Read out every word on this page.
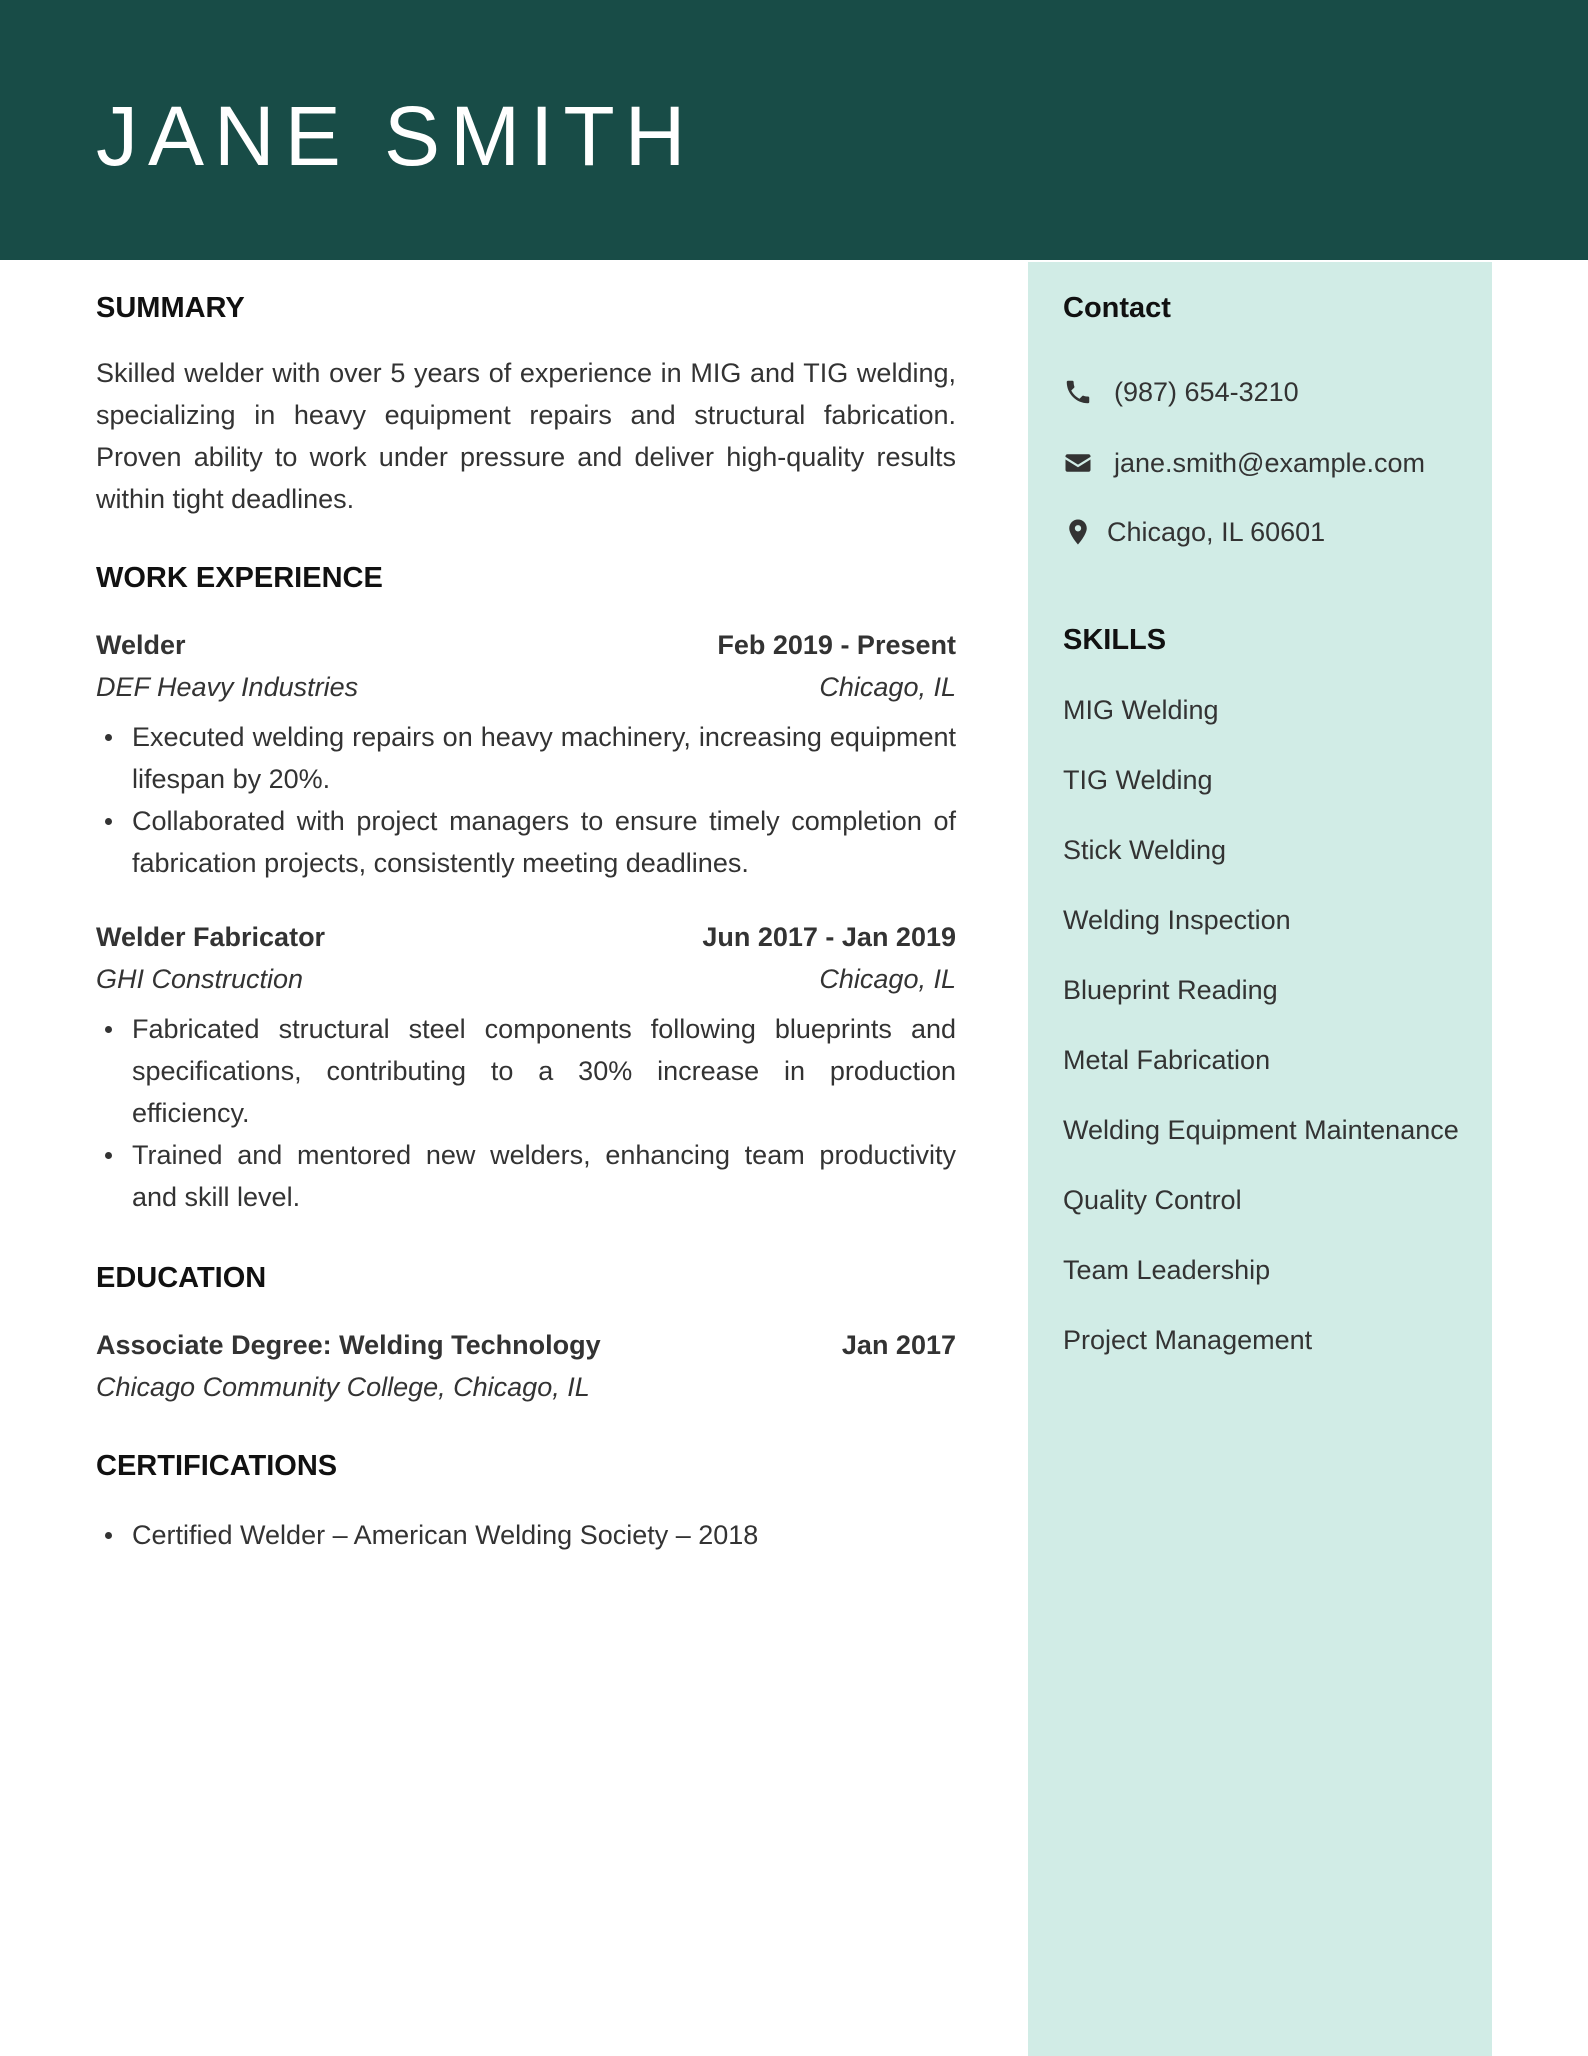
JANE SMITH
SUMMARY

Skilled welder with over 5 years of experience in MIG and TIG welding, specializing in heavy equipment repairs and structural fabrication. Proven ability to work under pressure and deliver high-quality results within tight deadlines.

WORK EXPERIENCE
Welder	Feb 2019 - Present
DEF Heavy Industries	Chicago, IL
Executed welding repairs on heavy machinery, increasing equipment lifespan by 20%.
Collaborated with project managers to ensure timely completion of fabrication projects, consistently meeting deadlines.
Welder Fabricator	Jun 2017 - Jan 2019
GHI Construction	Chicago, IL
Fabricated structural steel components following blueprints and specifications, contributing to a 30% increase in production efficiency.
Trained and mentored new welders, enhancing team productivity and skill level.
EDUCATION
Associate Degree: Welding Technology	Jan 2017
Chicago Community College, Chicago, IL
CERTIFICATIONS
Certified Welder – American Welding Society – 2018
Contact
(987) 654-3210
jane.smith@example.com
Chicago, IL 60601
SKILLS
MIG Welding
TIG Welding
Stick Welding
Welding Inspection
Blueprint Reading
Metal Fabrication
Welding Equipment Maintenance
Quality Control
Team Leadership
Project Management
